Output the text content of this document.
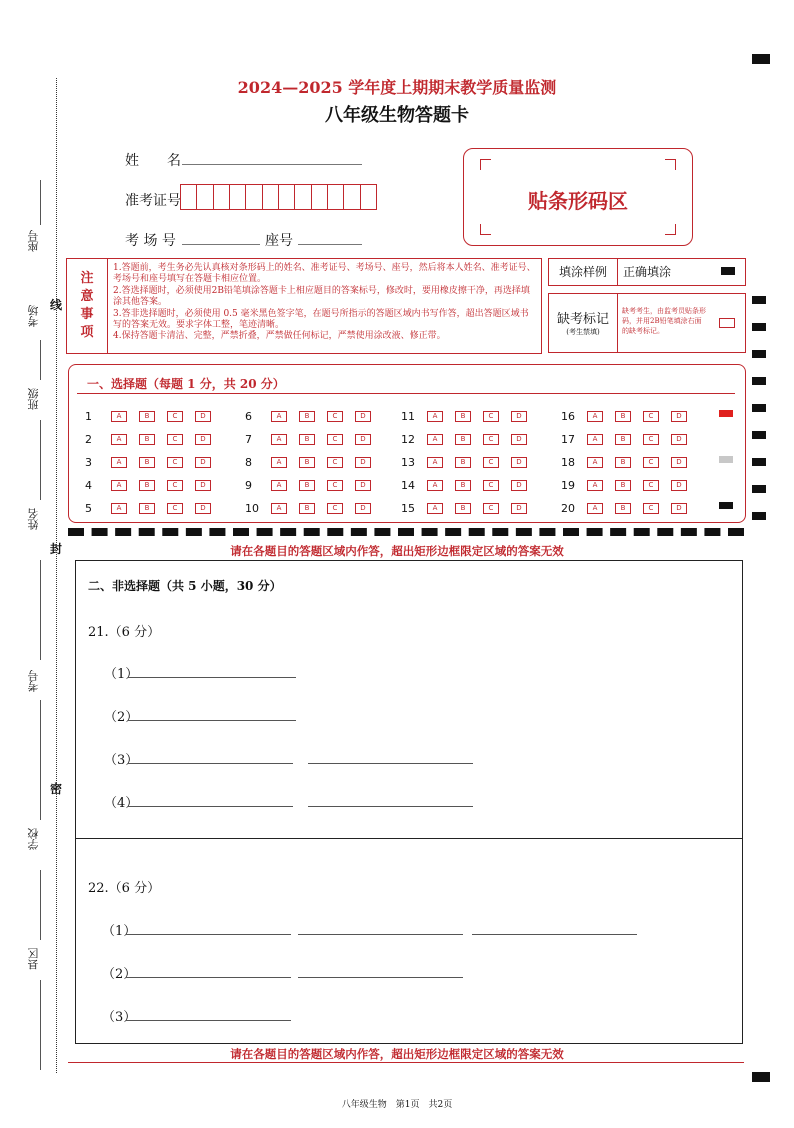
座号
考场
班级
姓名
考号
学校
县区
线
封
密
2024—2025 学年度上期期末教学质量监测
八年级生物答题卡
姓　　名
准考证号
考 场 号	座号
贴条形码区
注
意
事
项
1.答题前，考生务必先认真核对条形码上的姓名、准考证号、考场号、座号，然后将本人姓名、准考证号、考场号和座号填写在答题卡相应位置。
2.答选择题时，必须使用2B铅笔填涂答题卡上相应题目的答案标号，修改时，要用橡皮擦干净，再选择填涂其他答案。
3.答非选择题时，必须使用 0.5 毫米黑色签字笔，在题号所指示的答题区域内书写作答，超出答题区域书写的答案无效。要求字体工整，笔迹清晰。
4.保持答题卡清洁、完整，严禁折叠，严禁做任何标记，严禁使用涂改液、修正带。
填涂样例	正确填涂
缺考标记
(考生禁填)
缺考考生，由监考员贴条形码，并用2B铅笔填涂右面的缺考标记。
一、选择题（每题 1 分，共 20 分）
1	A	B	C	D
2	A	B	C	D
3	A	B	C	D
4	A	B	C	D
5	A	B	C	D
6	A	B	C	D
7	A	B	C	D
8	A	B	C	D
9	A	B	C	D
10	A	B	C	D
11	A	B	C	D
12	A	B	C	D
13	A	B	C	D
14	A	B	C	D
15	A	B	C	D
16	A	B	C	D
17	A	B	C	D
18	A	B	C	D
19	A	B	C	D
20	A	B	C	D
请在各题目的答题区域内作答，超出矩形边框限定区域的答案无效
二、非选择题（共 5 小题，30 分）
21.（6 分）
（1）
（2）
（3）
（4）
22.（6 分）
（1）
（2）
（3）
请在各题目的答题区域内作答，超出矩形边框限定区域的答案无效
八年级生物　第1页　共2页
